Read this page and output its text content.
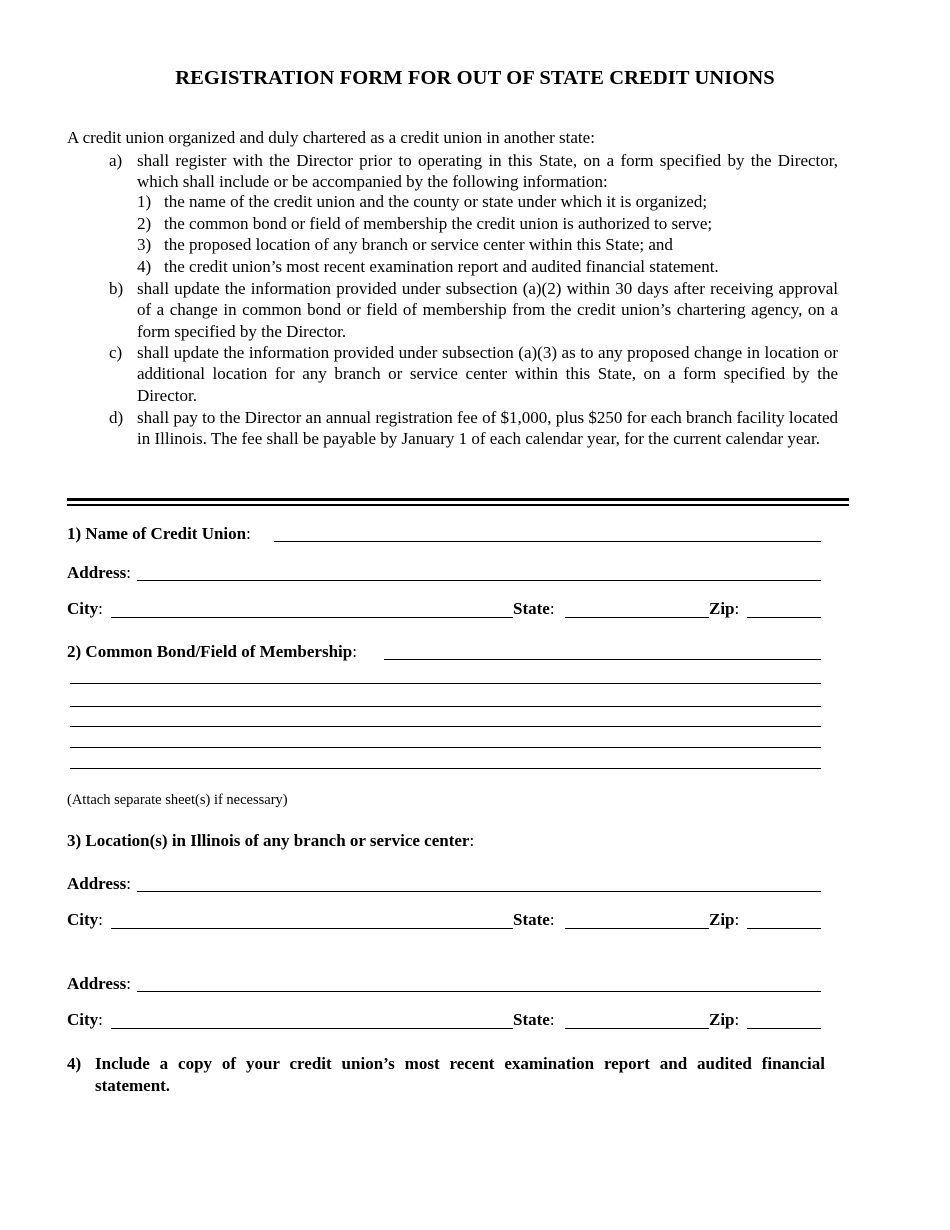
REGISTRATION FORM FOR OUT OF STATE CREDIT UNIONS
A credit union organized and duly chartered as a credit union in another state:
a) shall register with the Director prior to operating in this State, on a form specified by the Director, which shall include or be accompanied by the following information:
1) the name of the credit union and the county or state under which it is organized;
2) the common bond or field of membership the credit union is authorized to serve;
3) the proposed location of any branch or service center within this State; and
4) the credit union’s most recent examination report and audited financial statement.
b) shall update the information provided under subsection (a)(2) within 30 days after receiving approval of a change in common bond or field of membership from the credit union’s chartering agency, on a form specified by the Director.
c) shall update the information provided under subsection (a)(3) as to any proposed change in location or additional location for any branch or service center within this State, on a form specified by the Director.
d) shall pay to the Director an annual registration fee of $1,000, plus $250 for each branch facility located in Illinois. The fee shall be payable by January 1 of each calendar year, for the current calendar year.
1) Name of Credit Union:
Address:
City:	State:	Zip:
2) Common Bond/Field of Membership:
(Attach separate sheet(s) if necessary)
3) Location(s) in Illinois of any branch or service center:
Address:
City:	State:	Zip:
Address:
City:	State:	Zip:
4) Include a copy of your credit union’s most recent examination report and audited financial statement.
